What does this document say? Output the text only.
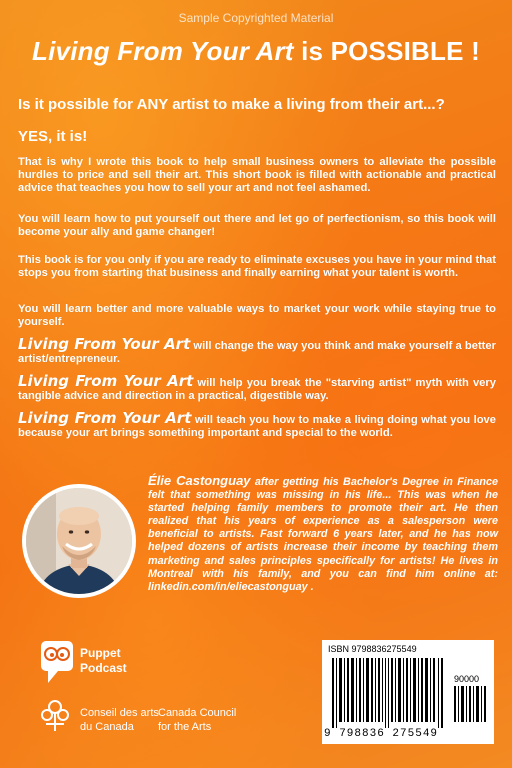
Sample Copyrighted Material
Living From Your Art is POSSIBLE !
Is it possible for ANY artist to make a living from their art...?
YES, it is!
That is why I wrote this book to help small business owners to alleviate the possible hurdles to price and sell their art. This short book is filled with actionable and practical advice that teaches you how to sell your art and not feel ashamed.
You will learn how to put yourself out there and let go of perfectionism, so this book will become your ally and game changer!
This book is for you only if you are ready to eliminate excuses you have in your mind that stops you from starting that business and finally earning what your talent is worth.
You will learn better and more valuable ways to market your work while staying true to yourself.
Living From Your Art will change the way you think and make yourself a better artist/entrepreneur.
Living From Your Art will help you break the "starving artist" myth with very tangible advice and direction in a practical, digestible way.
Living From Your Art will teach you how to make a living doing what you love because your art brings something important and special to the world.
Élie Castonguay after getting his Bachelor's Degree in Finance felt that something was missing in his life... This was when he started helping family members to promote their art. He then realized that his years of experience as a salesperson were beneficial to artists. Fast forward 6 years later, and he has now helped dozens of artists increase their income by teaching them marketing and sales principles specifically for artists! He lives in Montreal with his family, and you can find him online at: linkedin.com/in/eliecastonguay .
Puppet
Podcast
Conseil des arts
du Canada
Canada Council
for the Arts
ISBN 9798836275549
90000
9 798836 275549
